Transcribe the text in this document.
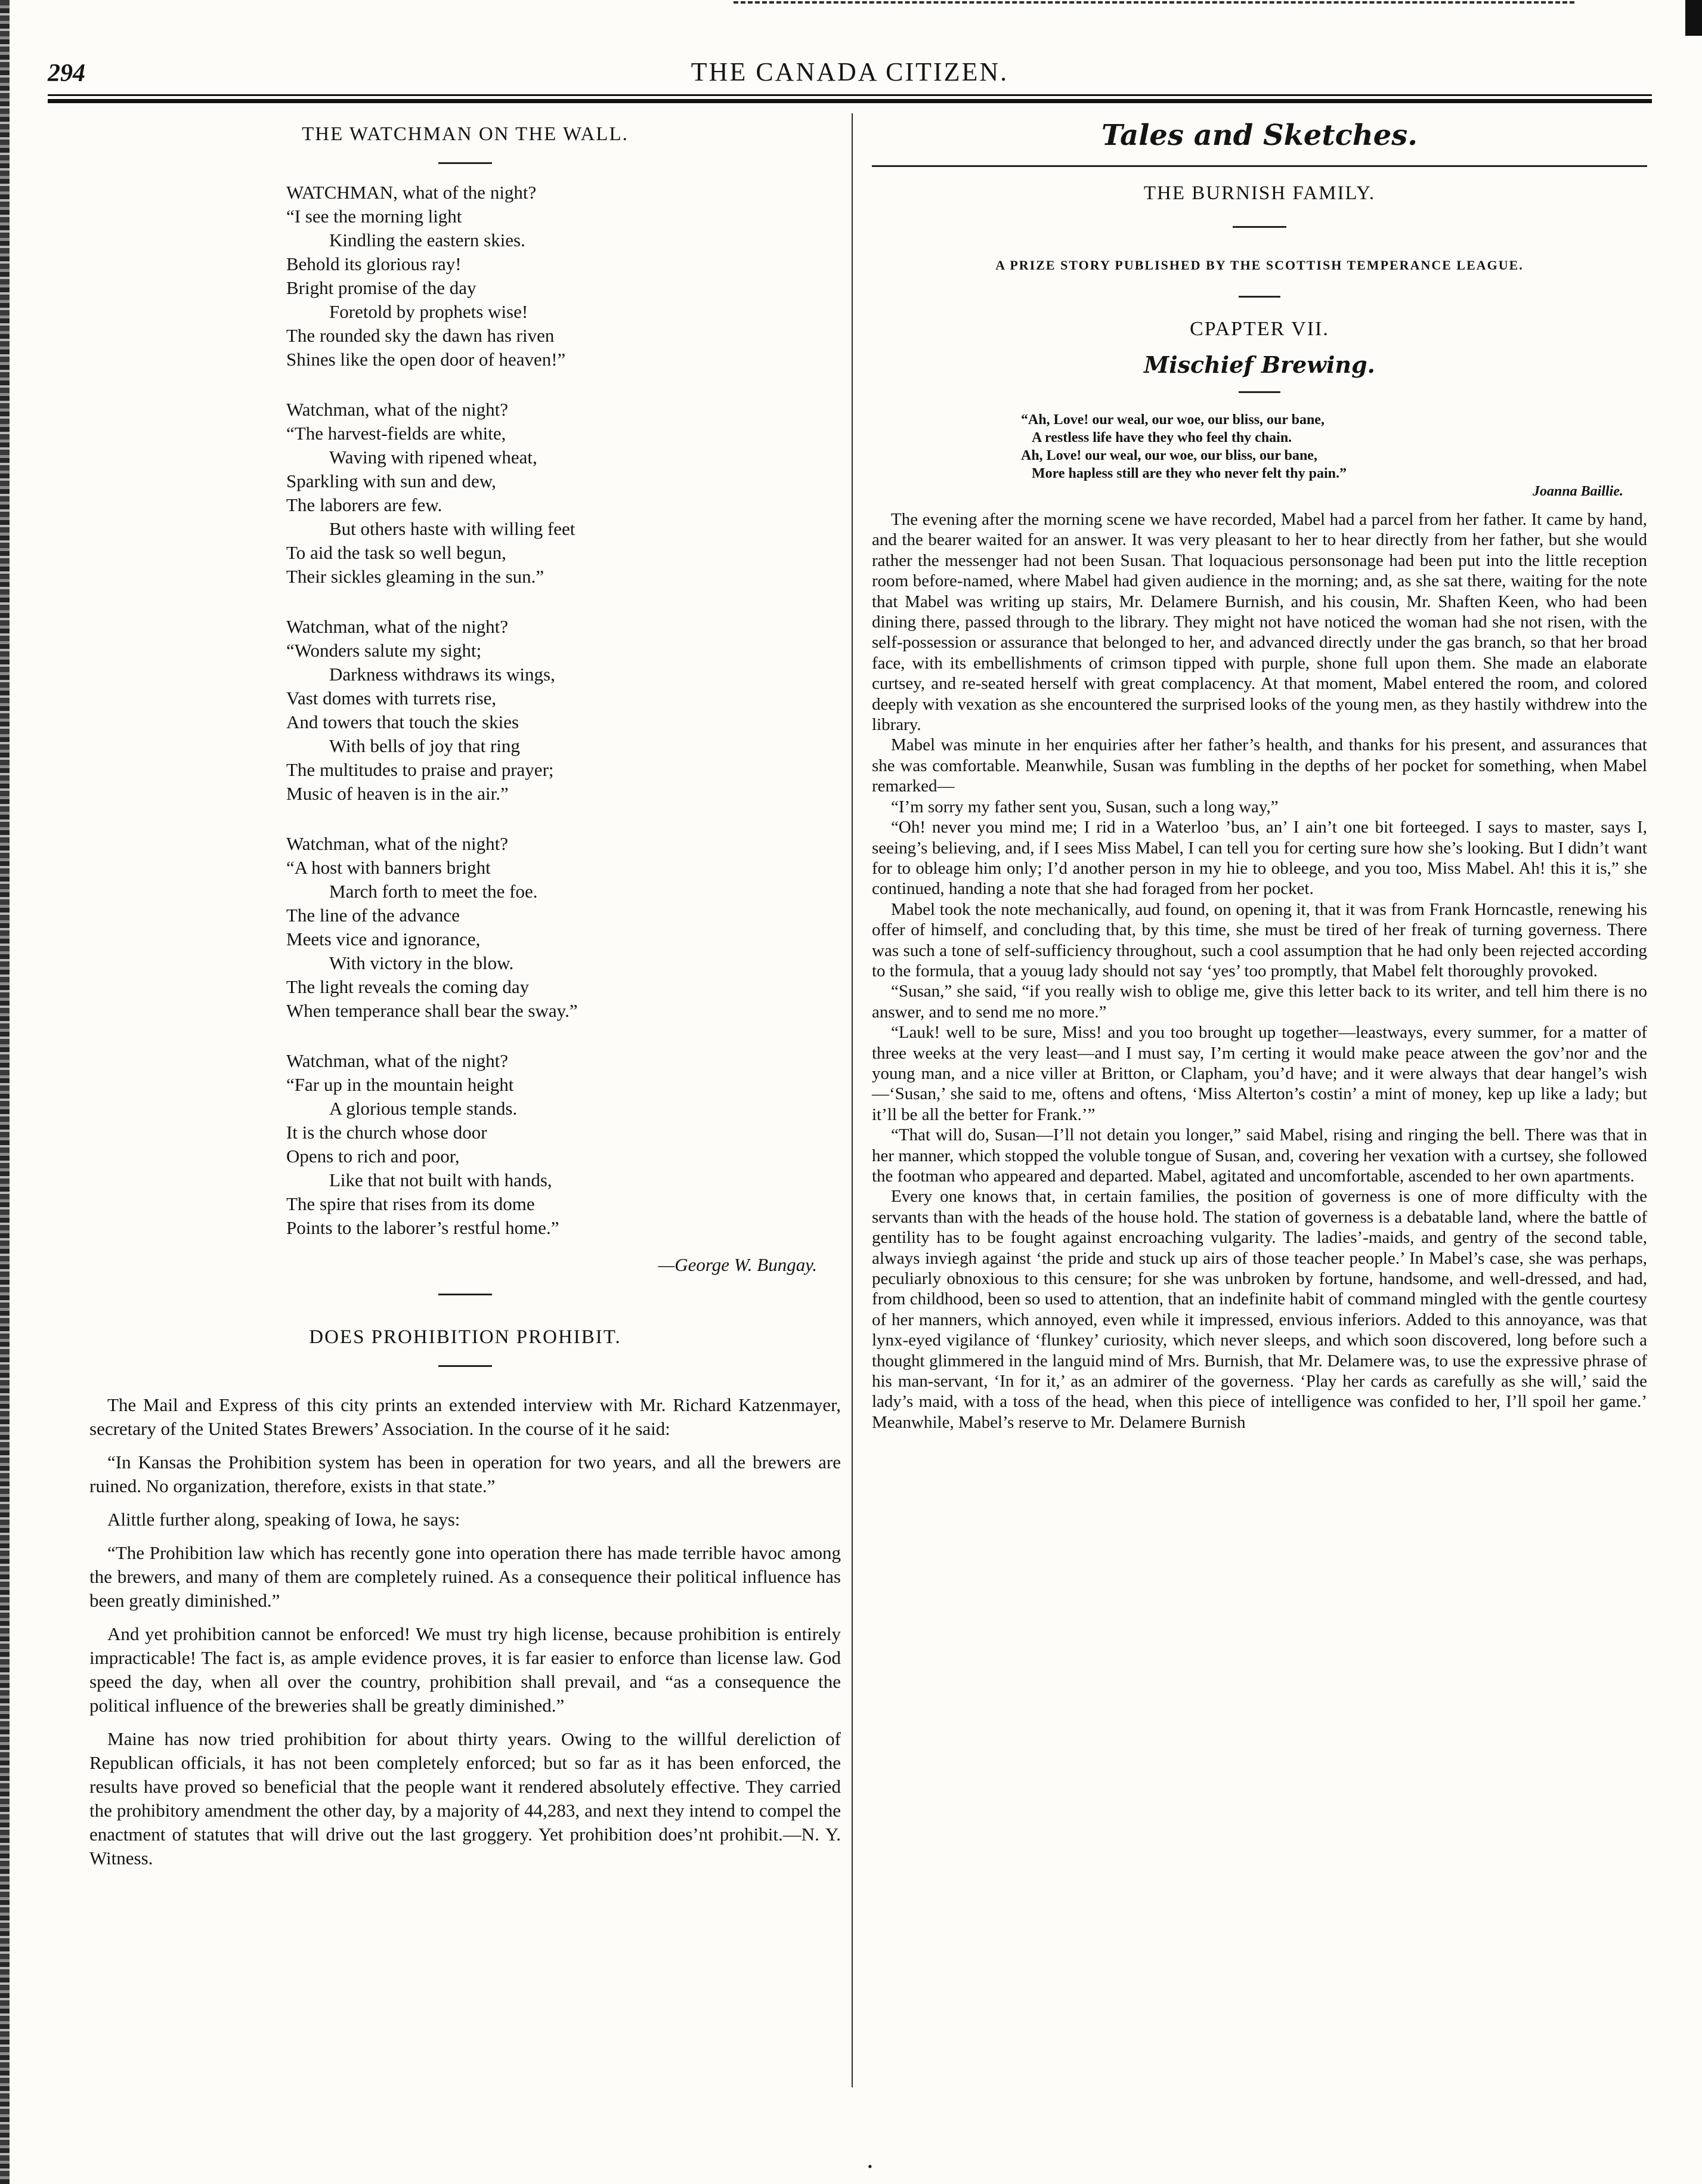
294	THE CANADA CITIZEN.
THE WATCHMAN ON THE WALL.
WATCHMAN, what of the night?
“I see the morning light
Kindling the eastern skies.
Behold its glorious ray!
Bright promise of the day
Foretold by prophets wise!
The rounded sky the dawn has riven
Shines like the open door of heaven!”
Watchman, what of the night?
“The harvest-fields are white,
Waving with ripened wheat,
Sparkling with sun and dew,
The laborers are few.
But others haste with willing feet
To aid the task so well begun,
Their sickles gleaming in the sun.”
Watchman, what of the night?
“Wonders salute my sight;
Darkness withdraws its wings,
Vast domes with turrets rise,
And towers that touch the skies
With bells of joy that ring
The multitudes to praise and prayer;
Music of heaven is in the air.”
Watchman, what of the night?
“A host with banners bright
March forth to meet the foe.
The line of the advance
Meets vice and ignorance,
With victory in the blow.
The light reveals the coming day
When temperance shall bear the sway.”
Watchman, what of the night?
“Far up in the mountain height
A glorious temple stands.
It is the church whose door
Opens to rich and poor,
Like that not built with hands,
The spire that rises from its dome
Points to the laborer’s restful home.”
—George W. Bungay.
DOES PROHIBITION PROHIBIT.

The Mail and Express of this city prints an extended interview with Mr. Richard Katzenmayer, secretary of the United States Brewers’ Association. In the course of it he said:

“In Kansas the Prohibition system has been in operation for two years, and all the brewers are ruined. No organization, therefore, exists in that state.”

Alittle further along, speaking of Iowa, he says:

“The Prohibition law which has recently gone into operation there has made terrible havoc among the brewers, and many of them are completely ruined. As a consequence their political influence has been greatly diminished.”

And yet prohibition cannot be enforced! We must try high license, because prohibition is entirely impracticable! The fact is, as ample evidence proves, it is far easier to enforce than license law. God speed the day, when all over the country, prohibition shall prevail, and “as a consequence the political influence of the breweries shall be greatly diminished.”

Maine has now tried prohibition for about thirty years. Owing to the willful dereliction of Republican officials, it has not been completely enforced; but so far as it has been enforced, the results have proved so beneficial that the people want it rendered absolutely effective. They carried the prohibitory amendment the other day, by a majority of 44,283, and next they intend to compel the enactment of statutes that will drive out the last groggery. Yet prohibition does’nt prohibit.—N. Y. Witness.

Tales and Sketches.
THE BURNISH FAMILY.
A PRIZE STORY PUBLISHED BY THE SCOTTISH TEMPERANCE LEAGUE.
CPAPTER VII.
Mischief Brewing.
“Ah, Love! our weal, our woe, our bliss, our bane,
A restless life have they who feel thy chain.
Ah, Love! our weal, our woe, our bliss, our bane,
More hapless still are they who never felt thy pain.”
Joanna Baillie.

The evening after the morning scene we have recorded, Mabel had a parcel from her father. It came by hand, and the bearer waited for an answer. It was very pleasant to her to hear directly from her father, but she would rather the messenger had not been Susan. That loquacious personsonage had been put into the little reception room before-named, where Mabel had given audience in the morning; and, as she sat there, waiting for the note that Mabel was writing up stairs, Mr. Delamere Burnish, and his cousin, Mr. Shaften Keen, who had been dining there, passed through to the library. They might not have noticed the woman had she not risen, with the self-possession or assurance that belonged to her, and advanced directly under the gas branch, so that her broad face, with its embellishments of crimson tipped with purple, shone full upon them. She made an elaborate curtsey, and re-seated herself with great complacency. At that moment, Mabel entered the room, and colored deeply with vexation as she encountered the surprised looks of the young men, as they hastily withdrew into the library.

Mabel was minute in her enquiries after her father’s health, and thanks for his present, and assurances that she was comfortable. Meanwhile, Susan was fumbling in the depths of her pocket for something, when Mabel remarked—

“I’m sorry my father sent you, Susan, such a long way,”

“Oh! never you mind me; I rid in a Waterloo ’bus, an’ I ain’t one bit forteeged. I says to master, says I, seeing’s believing, and, if I sees Miss Mabel, I can tell you for certing sure how she’s looking. But I didn’t want for to obleage him only; I’d another person in my hie to obleege, and you too, Miss Mabel. Ah! this it is,” she continued, handing a note that she had foraged from her pocket.

Mabel took the note mechanically, aud found, on opening it, that it was from Frank Horncastle, renewing his offer of himself, and concluding that, by this time, she must be tired of her freak of turning governess. There was such a tone of self-sufficiency throughout, such a cool assumption that he had only been rejected according to the formula, that a youug lady should not say ‘yes’ too promptly, that Mabel felt thoroughly provoked.

“Susan,” she said, “if you really wish to oblige me, give this letter back to its writer, and tell him there is no answer, and to send me no more.”

“Lauk! well to be sure, Miss! and you too brought up together—leastways, every summer, for a matter of three weeks at the very least—and I must say, I’m certing it would make peace atween the gov’nor and the young man, and a nice viller at Britton, or Clapham, you’d have; and it were always that dear hangel’s wish—‘Susan,’ she said to me, oftens and oftens, ‘Miss Alterton’s costin’ a mint of money, kep up like a lady; but it’ll be all the better for Frank.’”

“That will do, Susan—I’ll not detain you longer,” said Mabel, rising and ringing the bell. There was that in her manner, which stopped the voluble tongue of Susan, and, covering her vexation with a curtsey, she followed the footman who appeared and departed. Mabel, agitated and uncomfortable, ascended to her own apartments.

Every one knows that, in certain families, the position of governess is one of more difficulty with the servants than with the heads of the house hold. The station of governess is a debatable land, where the battle of gentility has to be fought against encroaching vulgarity. The ladies’-maids, and gentry of the second table, always inviegh against ‘the pride and stuck up airs of those teacher people.’ In Mabel’s case, she was perhaps, peculiarly obnoxious to this censure; for she was unbroken by fortune, handsome, and well-dressed, and had, from childhood, been so used to attention, that an indefinite habit of command mingled with the gentle courtesy of her manners, which annoyed, even while it impressed, envious inferiors. Added to this annoyance, was that lynx-eyed vigilance of ‘flunkey’ curiosity, which never sleeps, and which soon discovered, long before such a thought glimmered in the languid mind of Mrs. Burnish, that Mr. Delamere was, to use the expressive phrase of his man-servant, ‘In for it,’ as an admirer of the governess. ‘Play her cards as carefully as she will,’ said the lady’s maid, with a toss of the head, when this piece of intelligence was confided to her, I’ll spoil her game.’ Meanwhile, Mabel’s reserve to Mr. Delamere Burnish

•
